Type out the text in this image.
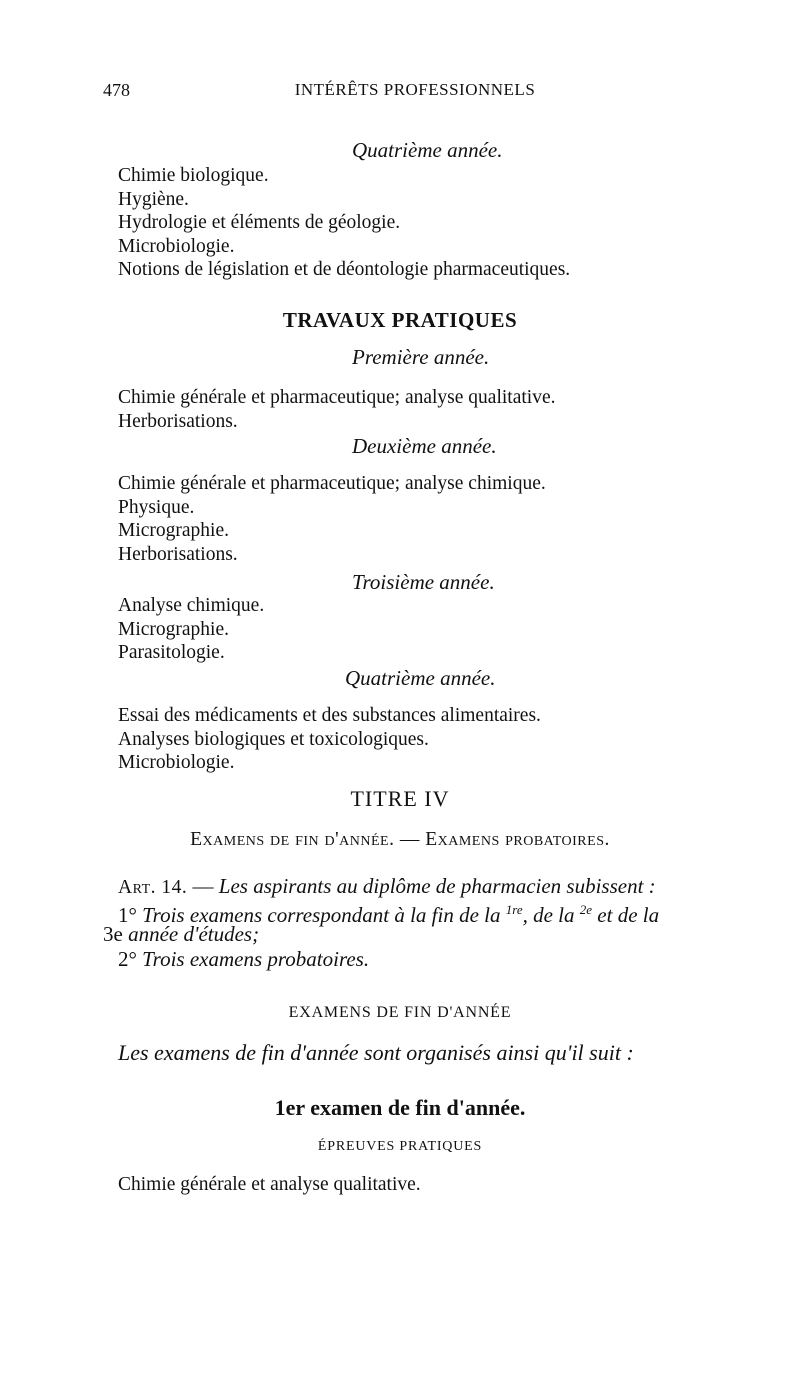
478	INTÉRÊTS PROFESSIONNELS
Quatrième année.
Chimie biologique.
Hygiène.
Hydrologie et éléments de géologie.
Microbiologie.
Notions de législation et de déontologie pharmaceutiques.
TRAVAUX PRATIQUES
Première année.
Chimie générale et pharmaceutique; analyse qualitative.
Herborisations.
Deuxième année.
Chimie générale et pharmaceutique; analyse chimique.
Physique.
Micrographie.
Herborisations.
Troisième année.
Analyse chimique.
Micrographie.
Parasitologie.
Quatrième année.
Essai des médicaments et des substances alimentaires.
Analyses biologiques et toxicologiques.
Microbiologie.
TITRE IV
Examens de fin d'année. — Examens probatoires.
Art. 14. — Les aspirants au diplôme de pharmacien subissent :
1° Trois examens correspondant à la fin de la $^{1re}$, de la $^{2e}$ et de la
3e année d'études;
2° Trois examens probatoires.
EXAMENS DE FIN D'ANNÉE
Les examens de fin d'année sont organisés ainsi qu'il suit :
1er examen de fin d'année.
ÉPREUVES PRATIQUES
Chimie générale et analyse qualitative.
